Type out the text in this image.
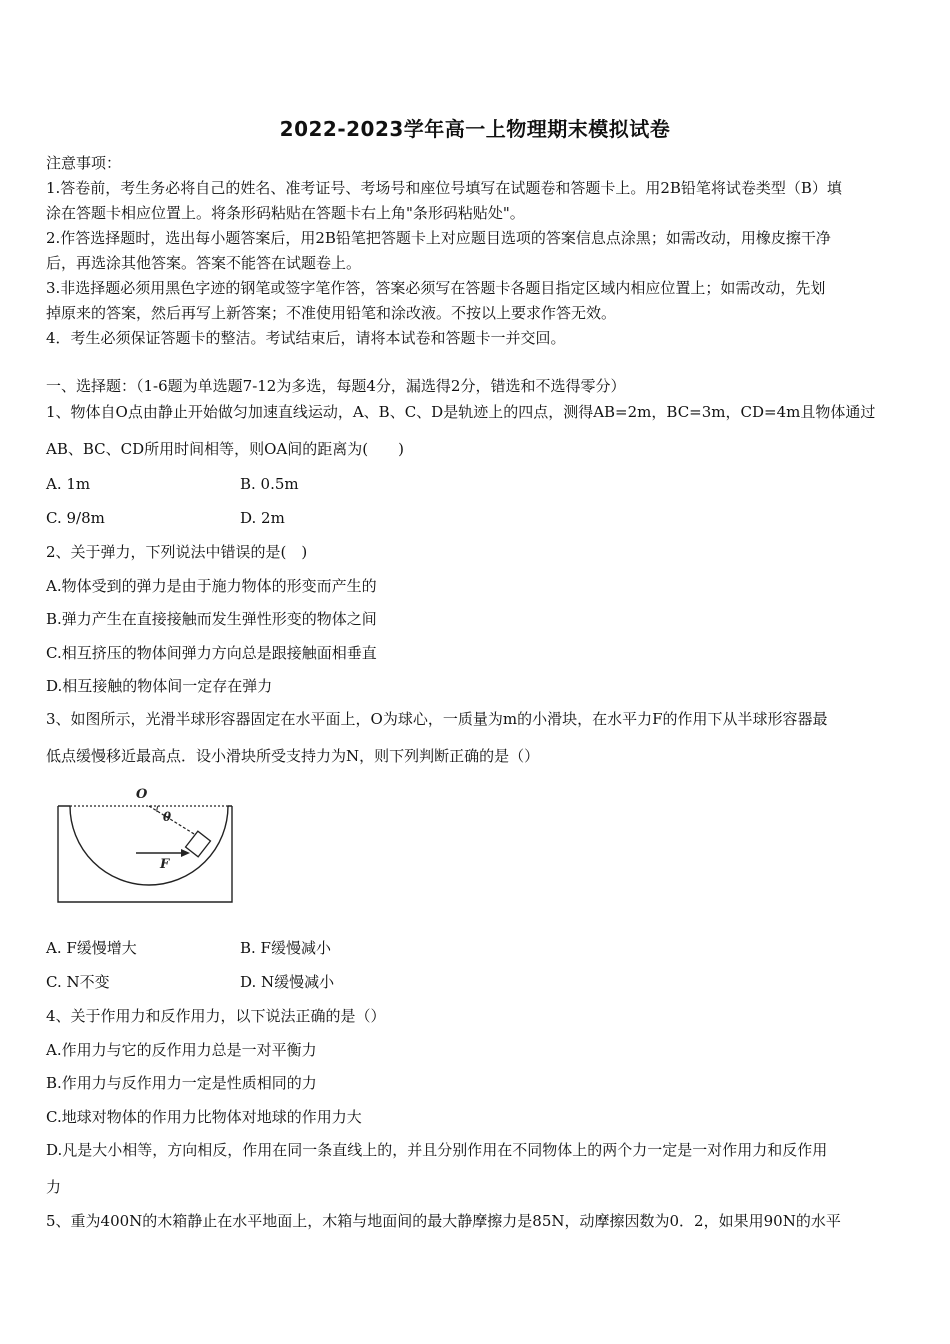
2022-2023学年高一上物理期末模拟试卷
注意事项：
1.答卷前，考生务必将自己的姓名、准考证号、考场号和座位号填写在试题卷和答题卡上。用2B铅笔将试卷类型（B）填
涂在答题卡相应位置上。将条形码粘贴在答题卡右上角"条形码粘贴处"。
2.作答选择题时，选出每小题答案后，用2B铅笔把答题卡上对应题目选项的答案信息点涂黑；如需改动，用橡皮擦干净
后，再选涂其他答案。答案不能答在试题卷上。
3.非选择题必须用黑色字迹的钢笔或签字笔作答，答案必须写在答题卡各题目指定区域内相应位置上；如需改动，先划
掉原来的答案，然后再写上新答案；不准使用铅笔和涂改液。不按以上要求作答无效。
4．考生必须保证答题卡的整洁。考试结束后，请将本试卷和答题卡一并交回。
一、选择题：（1-6题为单选题7-12为多选，每题4分，漏选得2分，错选和不选得零分）
1、物体自O点由静止开始做匀加速直线运动，A、B、C、D是轨迹上的四点，测得AB=2m，BC=3m，CD=4m且物体通过
AB、BC、CD所用时间相等，则OA间的距离为(　　)
A. 1m	B. 0.5m
C. 9/8m	D. 2m
2、关于弹力，下列说法中错误的是(　)
A.物体受到的弹力是由于施力物体的形变而产生的
B.弹力产生在直接接触而发生弹性形变的物体之间
C.相互挤压的物体间弹力方向总是跟接触面相垂直
D.相互接触的物体间一定存在弹力
3、如图所示，光滑半球形容器固定在水平面上，O为球心，一质量为m的小滑块，在水平力F的作用下从半球形容器最
低点缓慢移近最高点．设小滑块所受支持力为N，则下列判断正确的是（）
O
θ
F
A. F缓慢增大	B. F缓慢减小
C. N不变	D. N缓慢减小
4、关于作用力和反作用力，以下说法正确的是（）
A.作用力与它的反作用力总是一对平衡力
B.作用力与反作用力一定是性质相同的力
C.地球对物体的作用力比物体对地球的作用力大
D.凡是大小相等，方向相反，作用在同一条直线上的，并且分别作用在不同物体上的两个力一定是一对作用力和反作用
力
5、重为400N的木箱静止在水平地面上，木箱与地面间的最大静摩擦力是85N，动摩擦因数为0．2，如果用90N的水平
